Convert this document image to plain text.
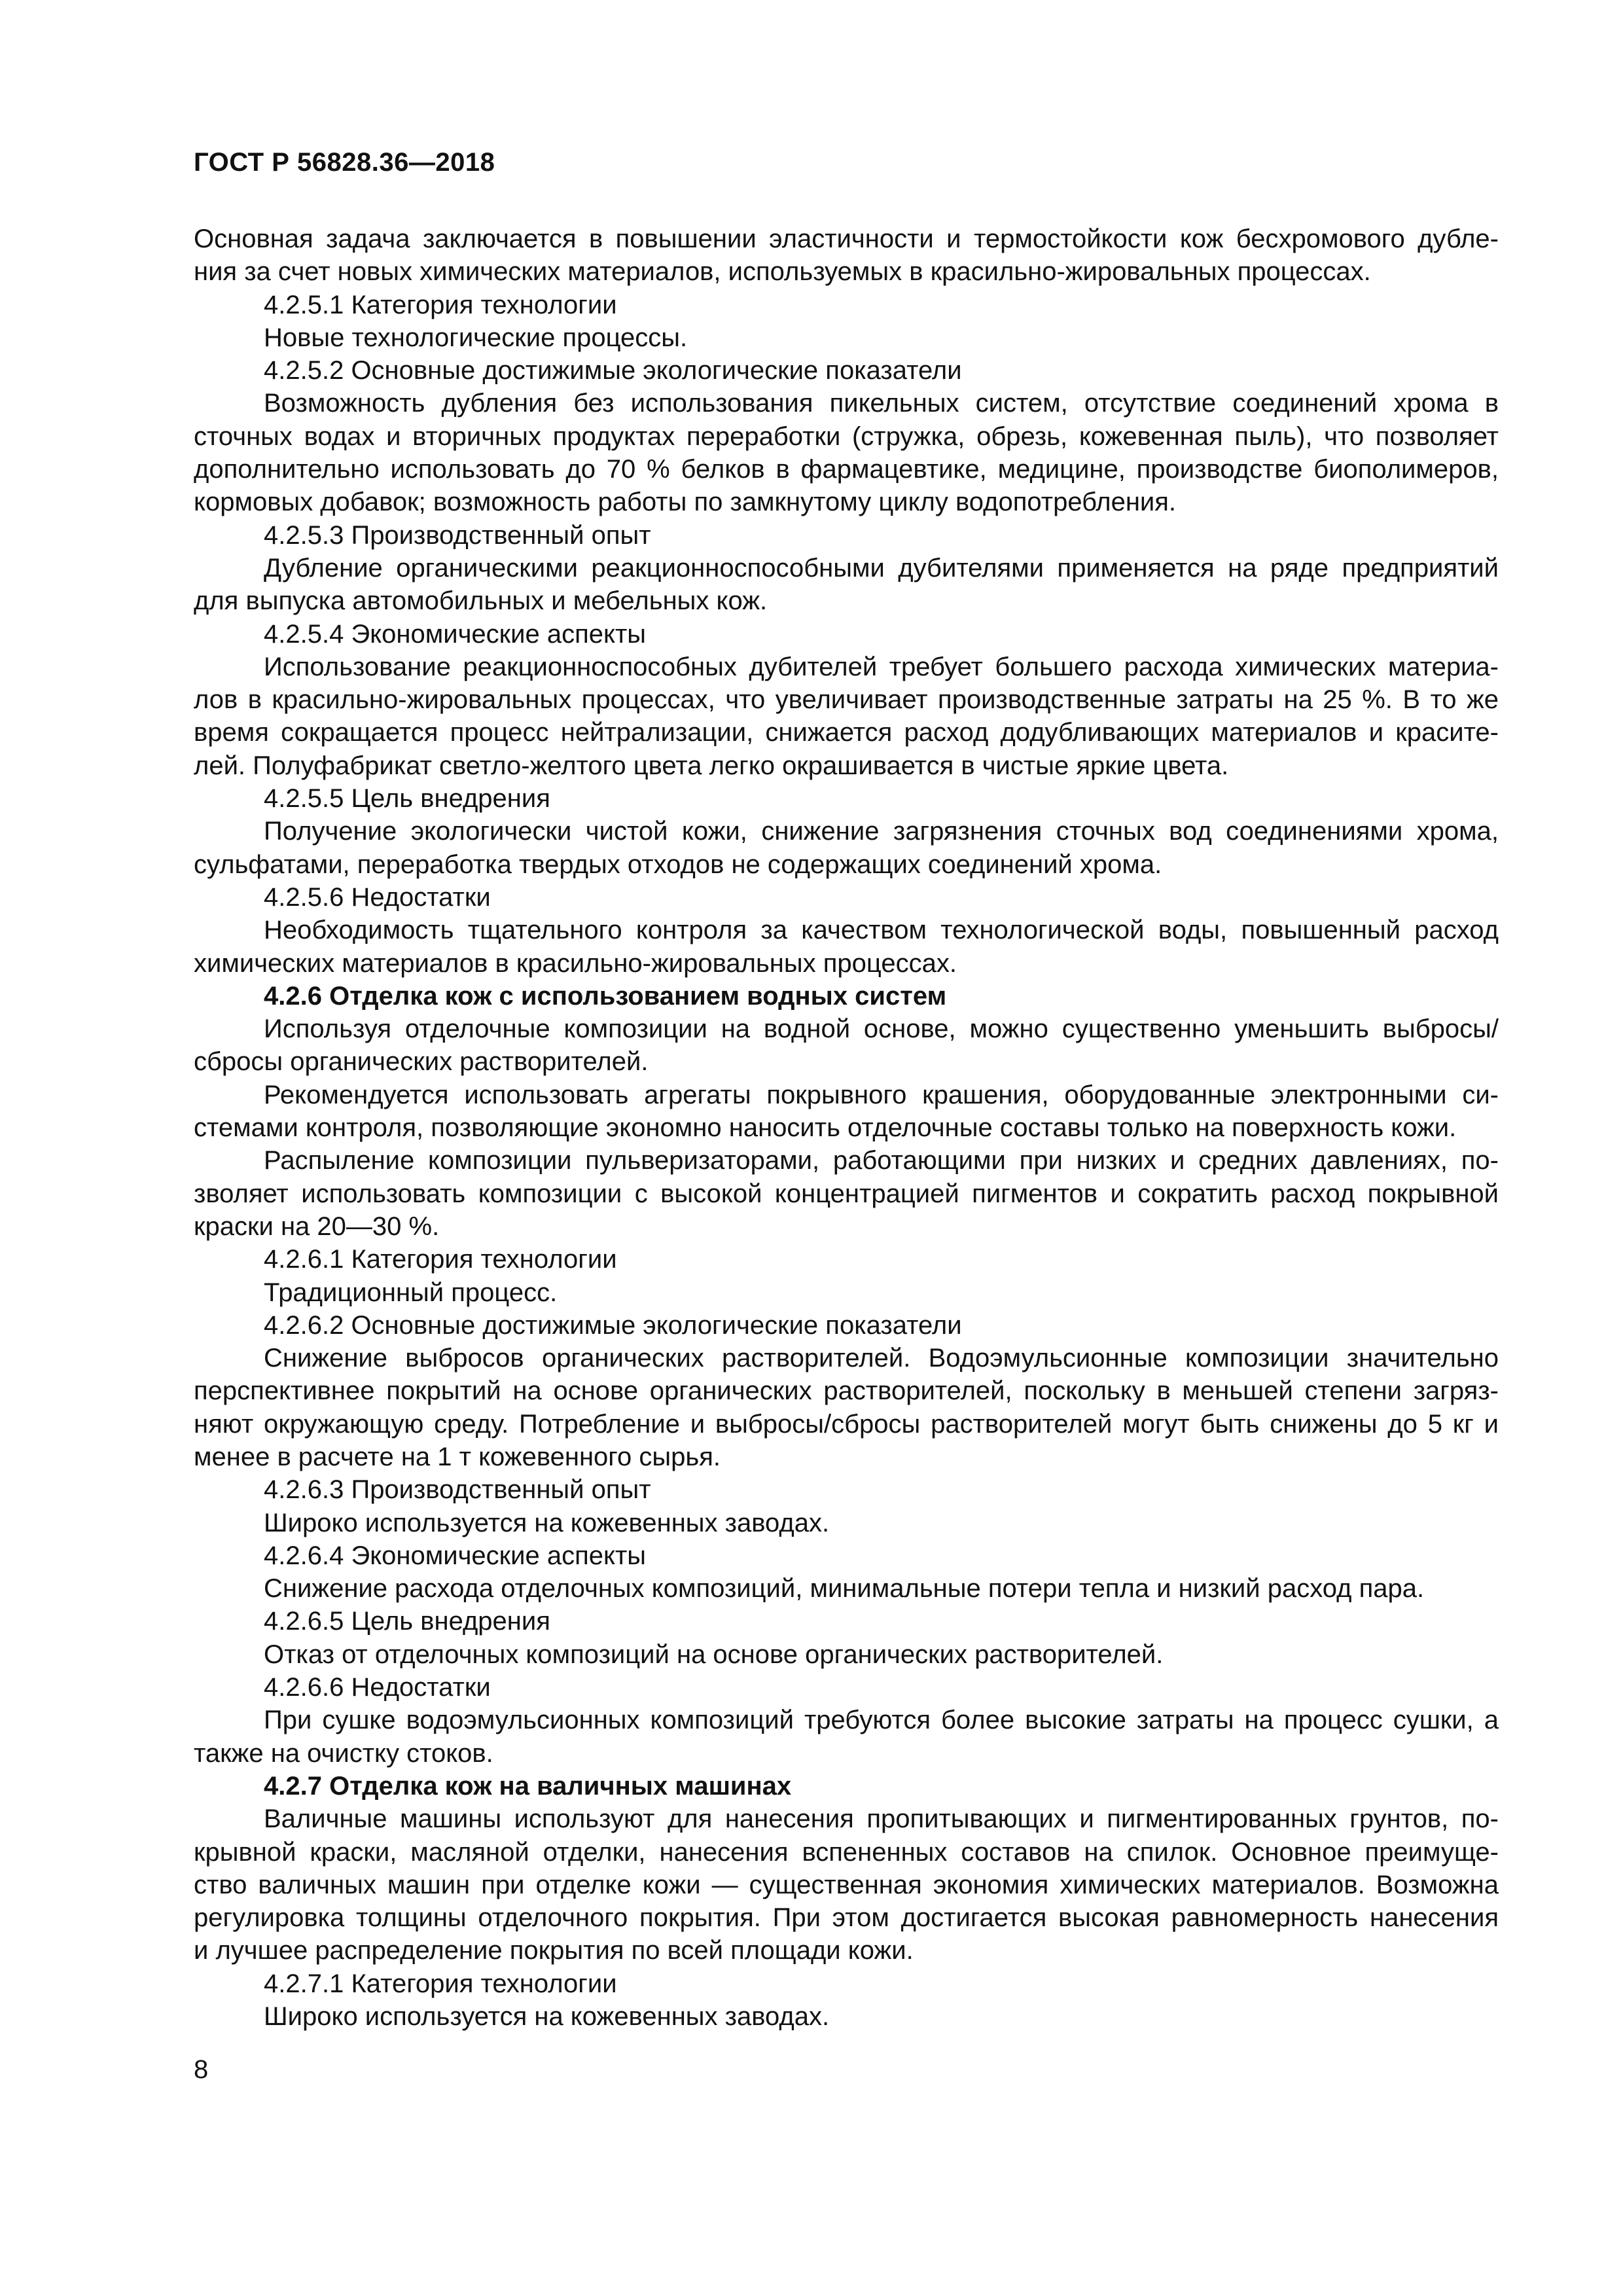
ГОСТ Р 56828.36—2018
Основная задача заключается в повышении эластичности и термостойкости кож бесхромового дубле-
ния за счет новых химических материалов, используемых в красильно-жировальных процессах.
4.2.5.1 Категория технологии
Новые технологические процессы.
4.2.5.2 Основные достижимые экологические показатели
Возможность дубления без использования пикельных систем, отсутствие соединений хрома в
сточных водах и вторичных продуктах переработки (стружка, обрезь, кожевенная пыль), что позволяет
дополнительно использовать до 70 % белков в фармацевтике, медицине, производстве биополимеров,
кормовых добавок; возможность работы по замкнутому циклу водопотребления.
4.2.5.3 Производственный опыт
Дубление органическими реакционноспособными дубителями применяется на ряде предприятий
для выпуска автомобильных и мебельных кож.
4.2.5.4 Экономические аспекты
Использование реакционноспособных дубителей требует большего расхода химических материа-
лов в красильно-жировальных процессах, что увеличивает производственные затраты на 25 %. В то же
время сокращается процесс нейтрализации, снижается расход додубливающих материалов и красите-
лей. Полуфабрикат светло-желтого цвета легко окрашивается в чистые яркие цвета.
4.2.5.5 Цель внедрения
Получение экологически чистой кожи, снижение загрязнения сточных вод соединениями хрома,
сульфатами, переработка твердых отходов не содержащих соединений хрома.
4.2.5.6 Недостатки
Необходимость тщательного контроля за качеством технологической воды, повышенный расход
химических материалов в красильно-жировальных процессах.
4.2.6 Отделка кож с использованием водных систем
Используя отделочные композиции на водной основе, можно существенно уменьшить выбросы/
сбросы органических растворителей.
Рекомендуется использовать агрегаты покрывного крашения, оборудованные электронными си-
стемами контроля, позволяющие экономно наносить отделочные составы только на поверхность кожи.
Распыление композиции пульверизаторами, работающими при низких и средних давлениях, по-
зволяет использовать композиции с высокой концентрацией пигментов и сократить расход покрывной
краски на 20—30 %.
4.2.6.1 Категория технологии
Традиционный процесс.
4.2.6.2 Основные достижимые экологические показатели
Снижение выбросов органических растворителей. Водоэмульсионные композиции значительно
перспективнее покрытий на основе органических растворителей, поскольку в меньшей степени загряз-
няют окружающую среду. Потребление и выбросы/сбросы растворителей могут быть снижены до 5 кг и
менее в расчете на 1 т кожевенного сырья.
4.2.6.3 Производственный опыт
Широко используется на кожевенных заводах.
4.2.6.4 Экономические аспекты
Снижение расхода отделочных композиций, минимальные потери тепла и низкий расход пара.
4.2.6.5 Цель внедрения
Отказ от отделочных композиций на основе органических растворителей.
4.2.6.6 Недостатки
При сушке водоэмульсионных композиций требуются более высокие затраты на процесс сушки, а
также на очистку стоков.
4.2.7 Отделка кож на валичных машинах
Валичные машины используют для нанесения пропитывающих и пигментированных грунтов, по-
крывной краски, масляной отделки, нанесения вспененных составов на спилок. Основное преимуще-
ство валичных машин при отделке кожи — существенная экономия химических материалов. Возможна
регулировка толщины отделочного покрытия. При этом достигается высокая равномерность нанесения
и лучшее распределение покрытия по всей площади кожи.
4.2.7.1 Категория технологии
Широко используется на кожевенных заводах.
8
